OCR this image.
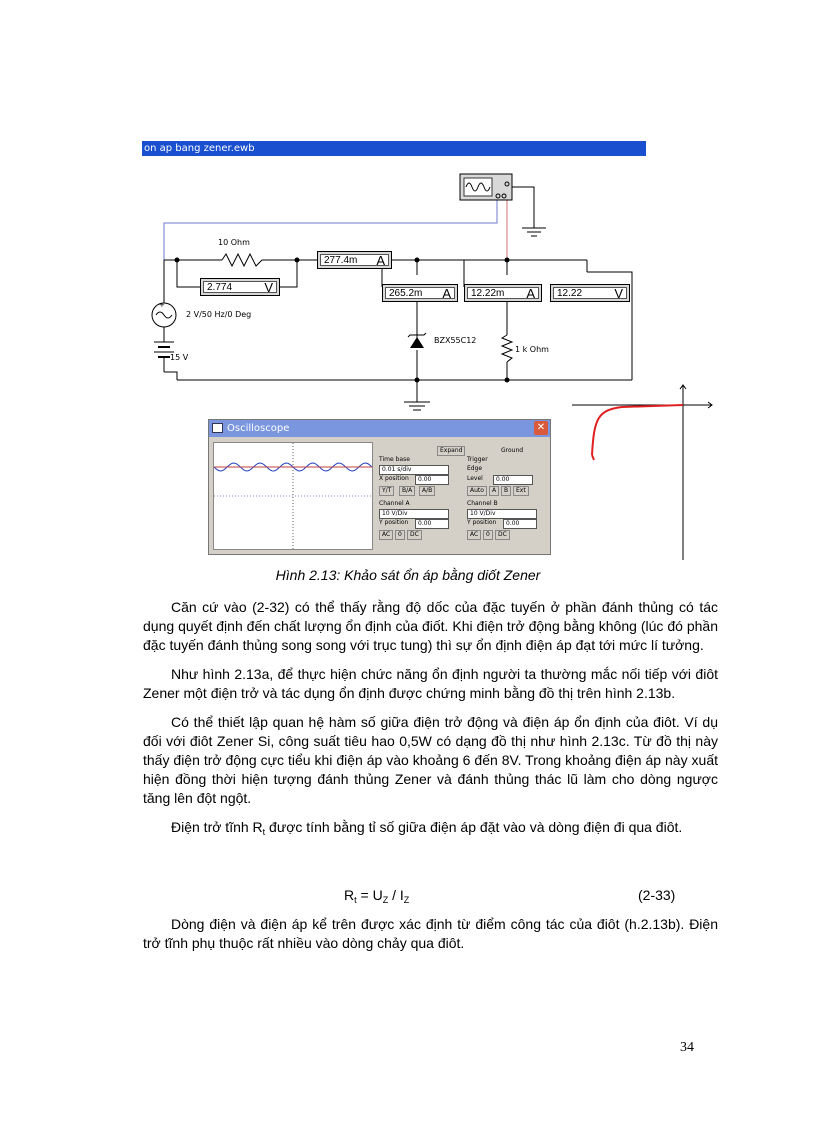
+
10 Ohm
2 V/50 Hz/0 Deg
15 V
BZX55C12
1 k Ohm
on ap bang zener.ewb
2.774 V
277.4m A
265.2m A 12.22m A 12.22 V
Oscilloscope	✕
Expand	Ground
Time base
0.01 s/div
X position	0.00
Y/T	B/A	A/B
Trigger
Edge
Level	0.00
Auto	A	B	Ext
Channel A
10 V/Div
Y position	0.00
AC	0	DC
Channel B
10 V/Div
Y position	0.00
AC	0	DC
Hình 2.13: Khảo sát ổn áp bằng diốt Zener

Căn cứ vào (2-32) có thể thấy rằng độ dốc của đặc tuyến ở phần đánh thủng có tác dụng quyết định đến chất lượng ổn định của điốt. Khi điện trở động bằng không (lúc đó phần đặc tuyến đánh thủng song song với trục tung) thì sự ổn định điện áp đạt tới mức lí tưởng.

Như hình 2.13a, để thực hiện chức năng ổn định người ta thường mắc nối tiếp với điôt Zener một điện trở và tác dụng ổn định được chứng minh bằng đồ thị trên hình 2.13b.

Có thể thiết lập quan hệ hàm số giữa điện trở động và điện áp ổn định của điôt. Ví dụ đối với điôt Zener Si, công suất tiêu hao 0,5W có dạng đồ thị như hình 2.13c. Từ đồ thị này thấy điện trở động cực tiểu khi điện áp vào khoảng 6 đến 8V. Trong khoảng điện áp này xuất hiện đồng thời hiện tượng đánh thủng Zener và đánh thủng thác lũ làm cho dòng ngược tăng lên đột ngột.

Điện trở tĩnh $R_t$ được tính bằng tỉ số giữa điện áp đặt vào và dòng điện đi qua điôt.

$R_t = U_Z / I_Z$	(2-33)

Dòng điện và điện áp kể trên được xác định từ điểm công tác của điôt (h.2.13b). Điện trở tĩnh phụ thuộc rất nhiều vào dòng chảy qua điôt.

34
